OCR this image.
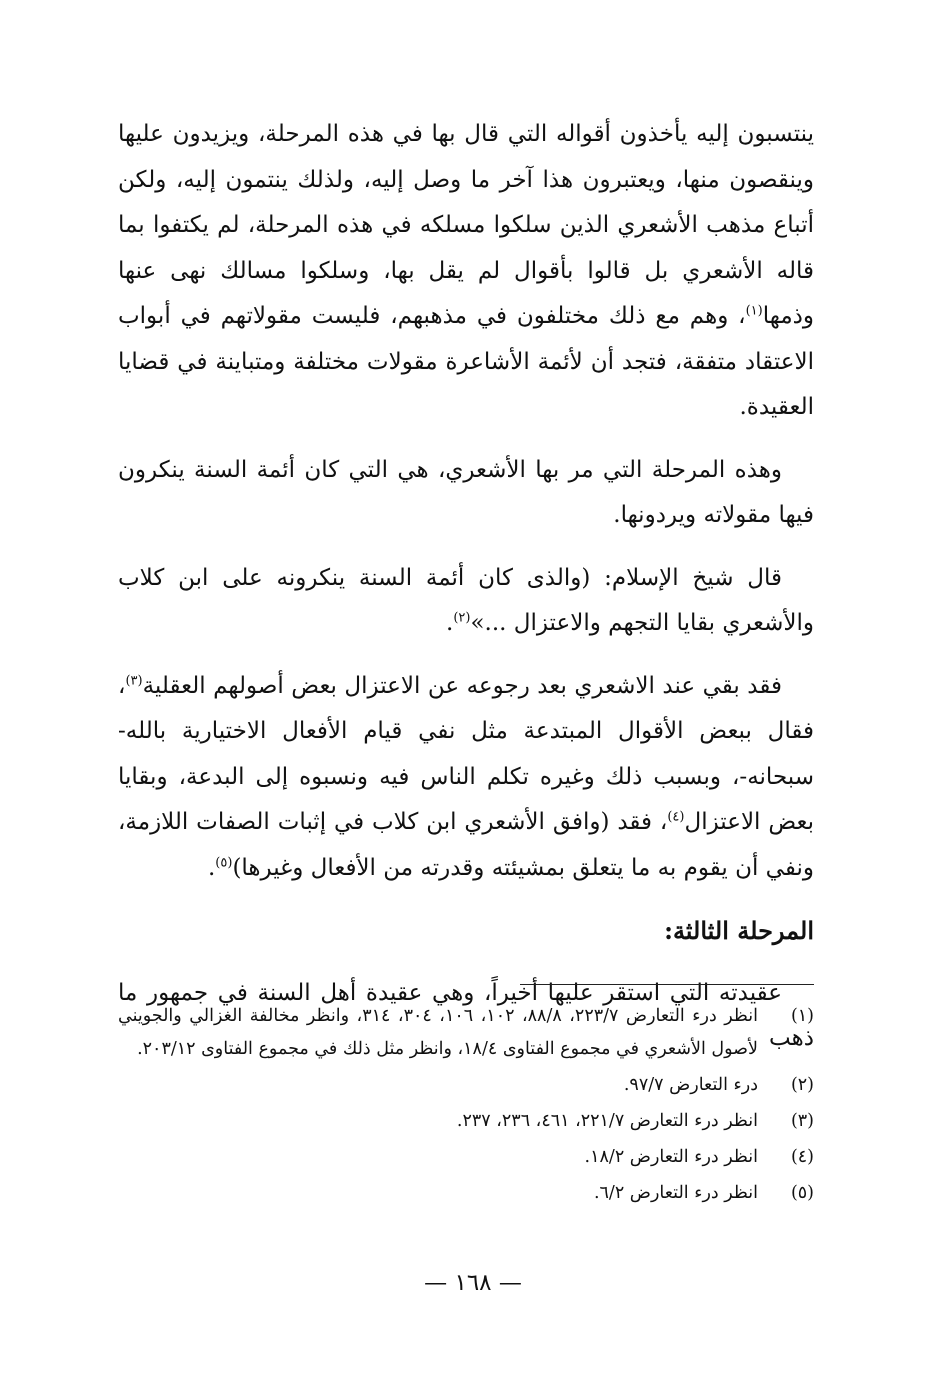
ينتسبون إليه يأخذون أقواله التي قال بها في هذه المرحلة، ويزيدون عليها وينقصون منها، ويعتبرون هذا آخر ما وصل إليه، ولذلك ينتمون إليه، ولكن أتباع مذهب الأشعري الذين سلكوا مسلكه في هذه المرحلة، لم يكتفوا بما قاله الأشعري بل قالوا بأقوال لم يقل بها، وسلكوا مسالك نهى عنها وذمها$^{(١)}$، وهم مع ذلك مختلفون في مذهبهم، فليست مقولاتهم في أبواب الاعتقاد متفقة، فتجد أن لأئمة الأشاعرة مقولات مختلفة ومتباينة في قضايا العقيدة.

وهذه المرحلة التي مر بها الأشعري، هي التي كان أئمة السنة ينكرون فيها مقولاته ويردونها.

قال شيخ الإسلام: (والذى كان أئمة السنة ينكرونه على ابن كلاب والأشعري بقايا التجهم والاعتزال ...»$^{(٢)}$.

فقد بقي عند الاشعري بعد رجوعه عن الاعتزال بعض أصولهم العقلية$^{(٣)}$، فقال ببعض الأقوال المبتدعة مثل نفي قيام الأفعال الاختيارية بالله- سبحانه-، وبسبب ذلك وغيره تكلم الناس فيه ونسبوه إلى البدعة، وبقايا بعض الاعتزال$^{(٤)}$، فقد (وافق الأشعري ابن كلاب في إثبات الصفات اللازمة، ونفي أن يقوم به ما يتعلق بمشيئته وقدرته من الأفعال وغيرها)$^{(٥)}$.

المرحلة الثالثة:

عقيدته التي استقر عليها أخيراً، وهي عقيدة أهل السنة في جمهور ما ذهب

(١)
انظر درء التعارض ٢٢٣/٧، ٨٨/٨، ١٠٢، ١٠٦، ٣٠٤، ٣١٤، وانظر مخالفة الغزالي والجويني لأصول الأشعري في مجموع الفتاوى ١٨/٤، وانظر مثل ذلك في مجموع الفتاوى ٢٠٣/١٢.
(٢)
درء التعارض ٩٧/٧.
(٣)
انظر درء التعارض ٢٢١/٧، ٤٦١، ٢٣٦، ٢٣٧.
(٤)
انظر درء التعارض ١٨/٢.
(٥)
انظر درء التعارض ٦/٢.
— ١٦٨ —
